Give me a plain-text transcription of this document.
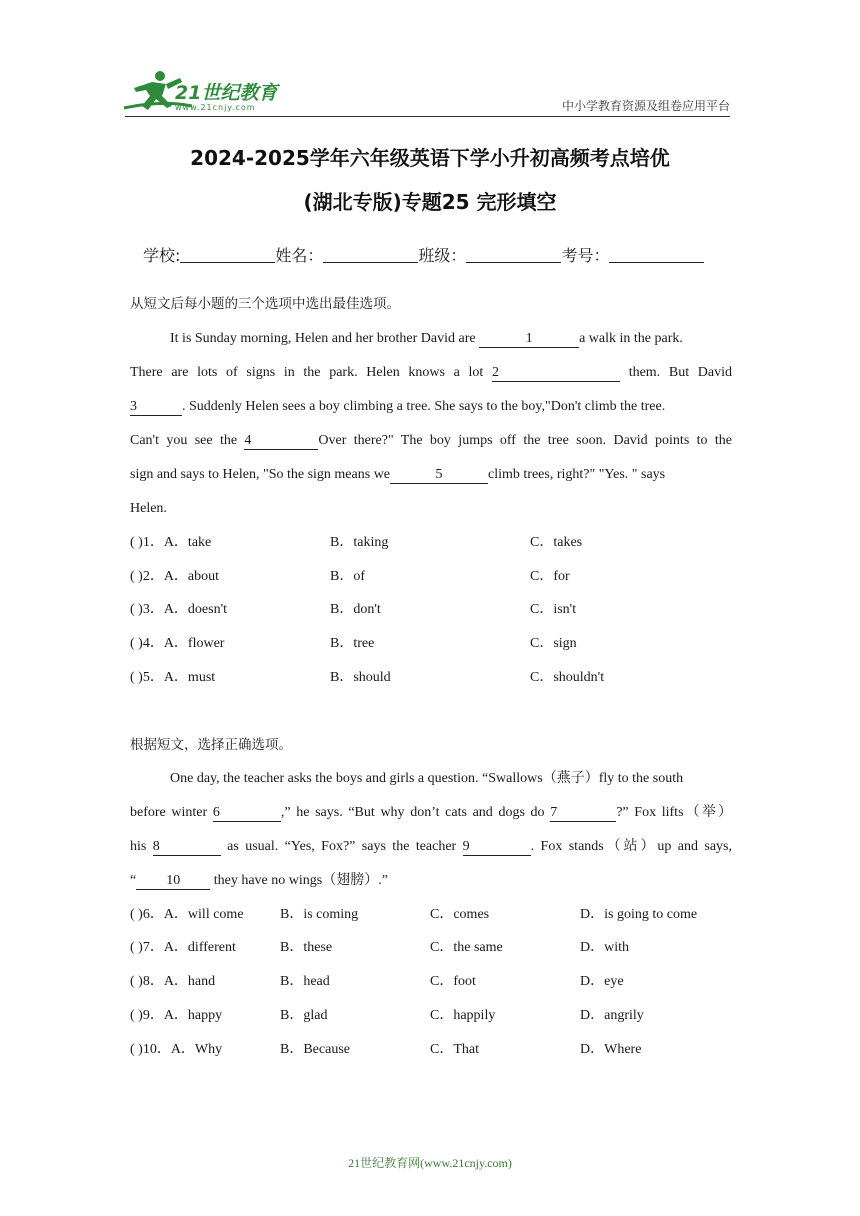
21世纪教育
www.21cnjy.com	中小学教育资源及组卷应用平台
2024-2025学年六年级英语下学小升初高频考点培优
(湖北专版)专题25 完形填空
学校:	姓名：	班级：	考号：
从短文后每小题的三个选项中选出最佳选项。
It is Sunday morning, Helen and her brother David are	1	a walk in the park.
There are lots of signs in the park. Helen knows a lot 2	them. But David
3	. Suddenly Helen sees a boy climbing a tree. She says to the boy,"Don't climb the tree.
Can't you see the 4	Over there?" The boy jumps off the tree soon. David points to the
sign and says to Helen, "So the sign means we	5	climb trees, right?" "Yes. " says
Helen.
( )1．A．take	B．taking	C．takes
( )2．A．about	B．of	C．for
( )3．A．doesn't	B．don't	C．isn't
( )4．A．flower	B．tree	C．sign
( )5．A．must	B．should	C．shouldn't
根据短文，选择正确选项。
One day, the teacher asks the boys and girls a question. “Swallows（燕子）fly to the south
before winter 6	,” he says. “But why don’t cats and dogs do 7	?” Fox lifts（举）
his 8	as usual. “Yes, Fox?” says the teacher 9	. Fox stands（站）up and says,
“ 10 they have no wings（翅膀）.”
( )6．A．will come	B．is coming	C．comes	D．is going to come
( )7．A．different	B．these	C．the same	D．with
( )8．A．hand	B．head	C．foot	D．eye
( )9．A．happy	B．glad	C．happily	D．angrily
( )10．A．Why	B．Because	C．That	D．Where
21世纪教育网(www.21cnjy.com)
